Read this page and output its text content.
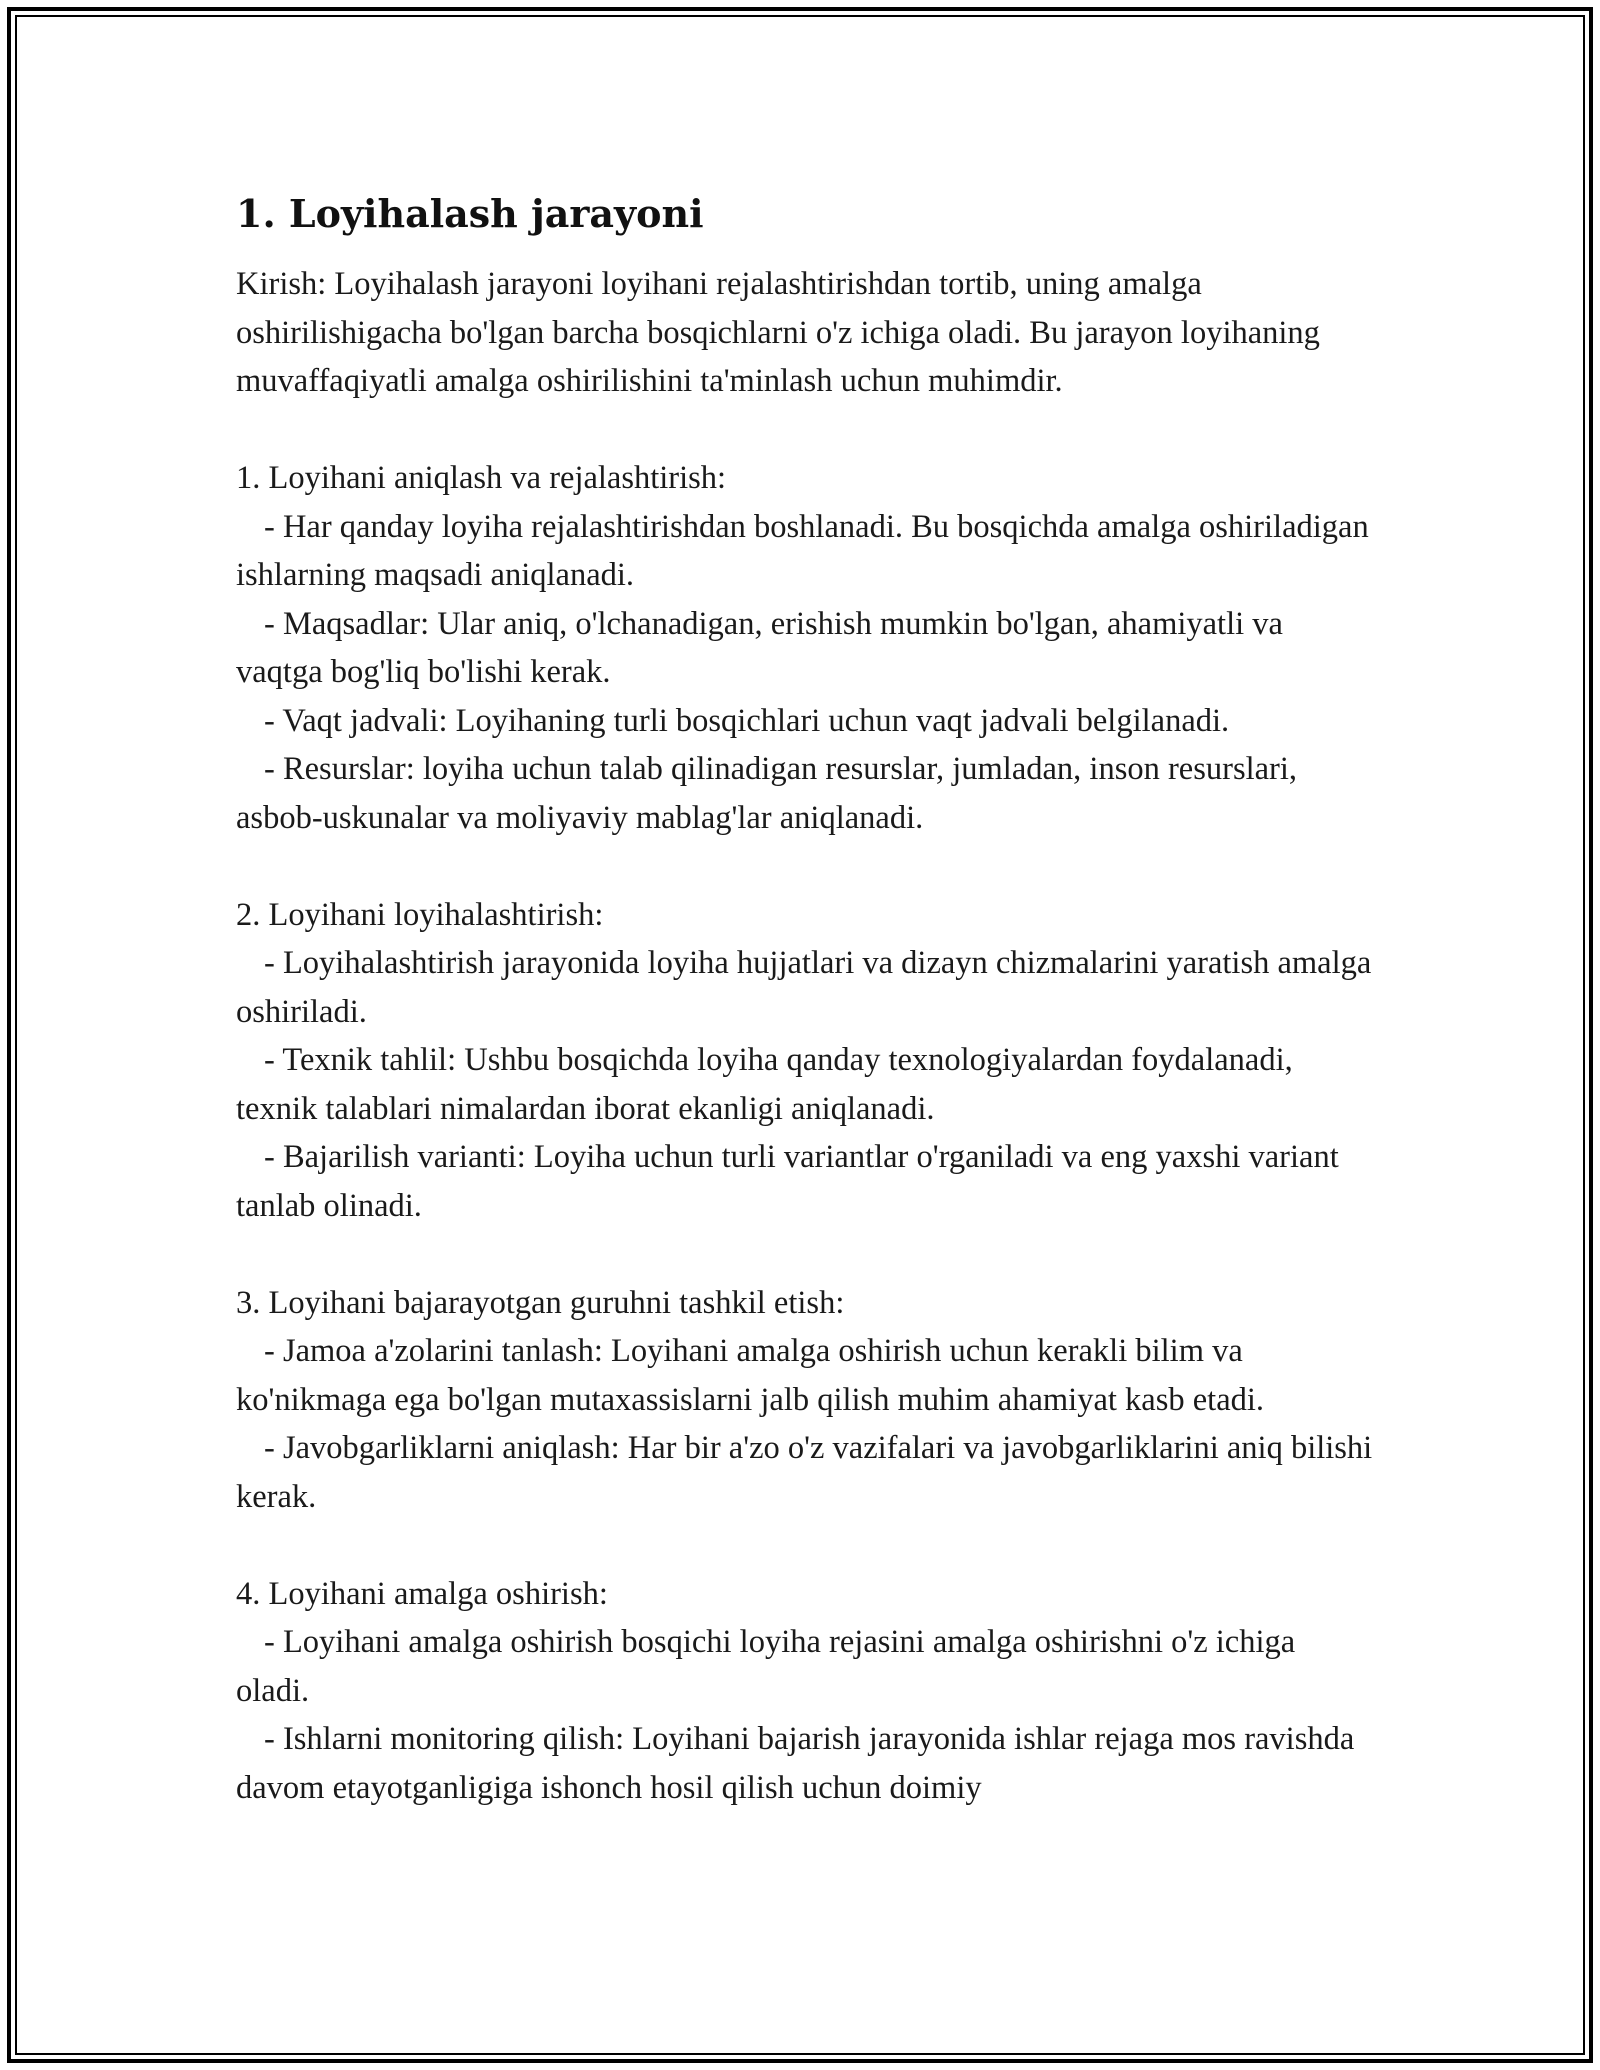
1. Loyihalash jarayoni

Kirish: Loyihalash jarayoni loyihani rejalashtirishdan tortib, uning amalga oshirilishigacha bo'lgan barcha bosqichlarni o'z ichiga oladi. Bu jarayon loyihaning muvaffaqiyatli amalga oshirilishini ta'minlash uchun muhimdir.

1. Loyihani aniqlash va rejalashtirish:
- Har qanday loyiha rejalashtirishdan boshlanadi. Bu bosqichda amalga oshiriladigan ishlarning maqsadi aniqlanadi.
- Maqsadlar: Ular aniq, o'lchanadigan, erishish mumkin bo'lgan, ahamiyatli va vaqtga bog'liq bo'lishi kerak.
- Vaqt jadvali: Loyihaning turli bosqichlari uchun vaqt jadvali belgilanadi.
- Resurslar: loyiha uchun talab qilinadigan resurslar, jumladan, inson resurslari, asbob-uskunalar va moliyaviy mablag'lar aniqlanadi.
2. Loyihani loyihalashtirish:
- Loyihalashtirish jarayonida loyiha hujjatlari va dizayn chizmalarini yaratish amalga oshiriladi.
- Texnik tahlil: Ushbu bosqichda loyiha qanday texnologiyalardan foydalanadi, texnik talablari nimalardan iborat ekanligi aniqlanadi.
- Bajarilish varianti: Loyiha uchun turli variantlar o'rganiladi va eng yaxshi variant tanlab olinadi.
3. Loyihani bajarayotgan guruhni tashkil etish:
- Jamoa a'zolarini tanlash: Loyihani amalga oshirish uchun kerakli bilim va ko'nikmaga ega bo'lgan mutaxassislarni jalb qilish muhim ahamiyat kasb etadi.
- Javobgarliklarni aniqlash: Har bir a'zo o'z vazifalari va javobgarliklarini aniq bilishi kerak.
4. Loyihani amalga oshirish:
- Loyihani amalga oshirish bosqichi loyiha rejasini amalga oshirishni o'z ichiga oladi.
- Ishlarni monitoring qilish: Loyihani bajarish jarayonida ishlar rejaga mos ravishda davom etayotganligiga ishonch hosil qilish uchun doimiy
